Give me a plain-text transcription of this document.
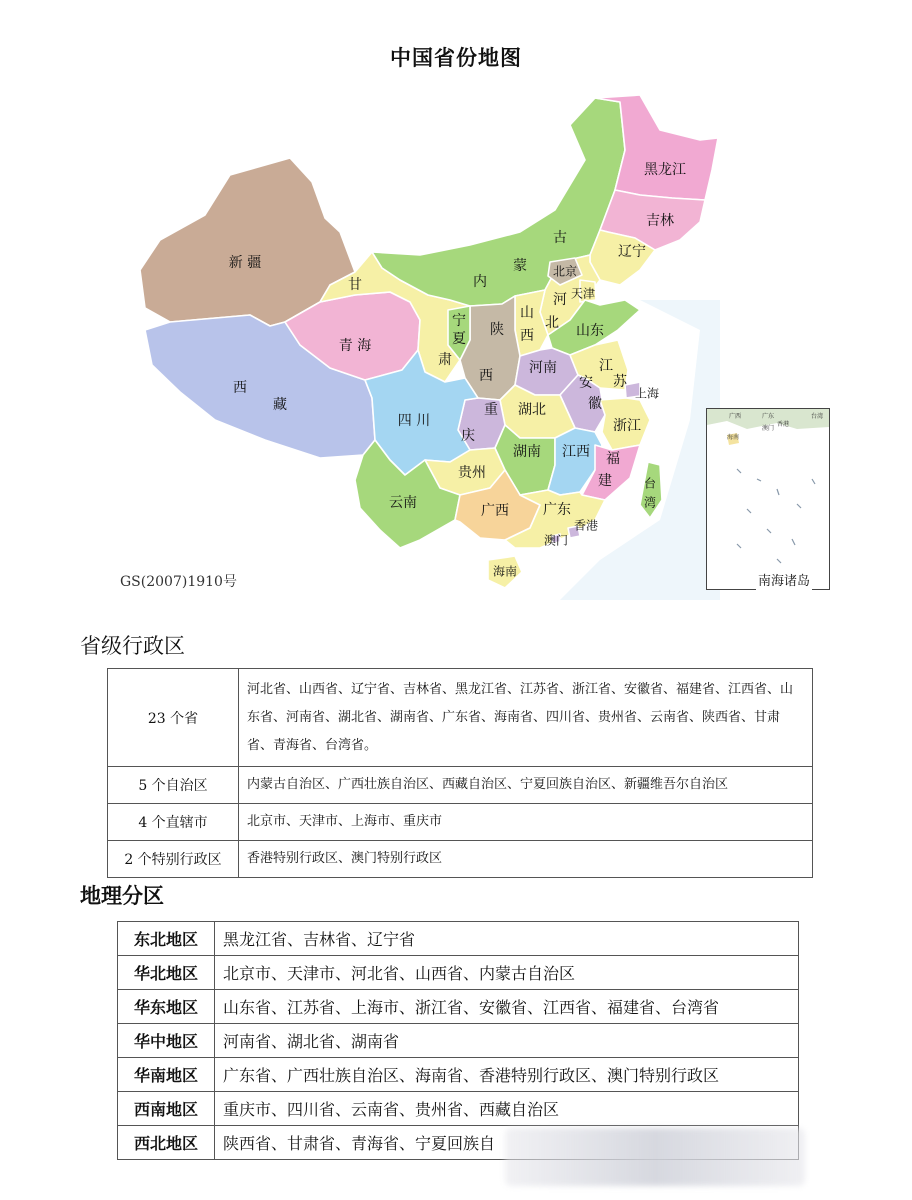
中国省份地图
新 疆
西
藏
青 海
甘
肃
内
蒙
古
黑龙江
吉林
辽宁
北京
天津
河
北
山
西
宁
夏
陕
西
山东
河南	江
苏
上海
安
徽
浙江
湖北
四 川
重
庆
湖南 江西 福
建
贵州
云南	广西 广东
海南
台
湾
香港
澳门
GS(2007)1910号
广东
广西
香港
澳门
海南
台湾
南海诸岛
省级行政区
23 个省	河北省、山西省、辽宁省、吉林省、黑龙江省、江苏省、浙江省、安徽省、福建省、江西省、山东省、河南省、湖北省、湖南省、广东省、海南省、四川省、贵州省、云南省、陕西省、甘肃省、青海省、台湾省。
5 个自治区	内蒙古自治区、广西壮族自治区、西藏自治区、宁夏回族自治区、新疆维吾尔自治区
4 个直辖市	北京市、天津市、上海市、重庆市
2 个特别行政区	香港特别行政区、澳门特别行政区
地理分区
东北地区	黑龙江省、吉林省、辽宁省
华北地区	北京市、天津市、河北省、山西省、内蒙古自治区
华东地区	山东省、江苏省、上海市、浙江省、安徽省、江西省、福建省、台湾省
华中地区	河南省、湖北省、湖南省
华南地区	广东省、广西壮族自治区、海南省、香港特别行政区、澳门特别行政区
西南地区	重庆市、四川省、云南省、贵州省、西藏自治区
西北地区	陕西省、甘肃省、青海省、宁夏回族自
